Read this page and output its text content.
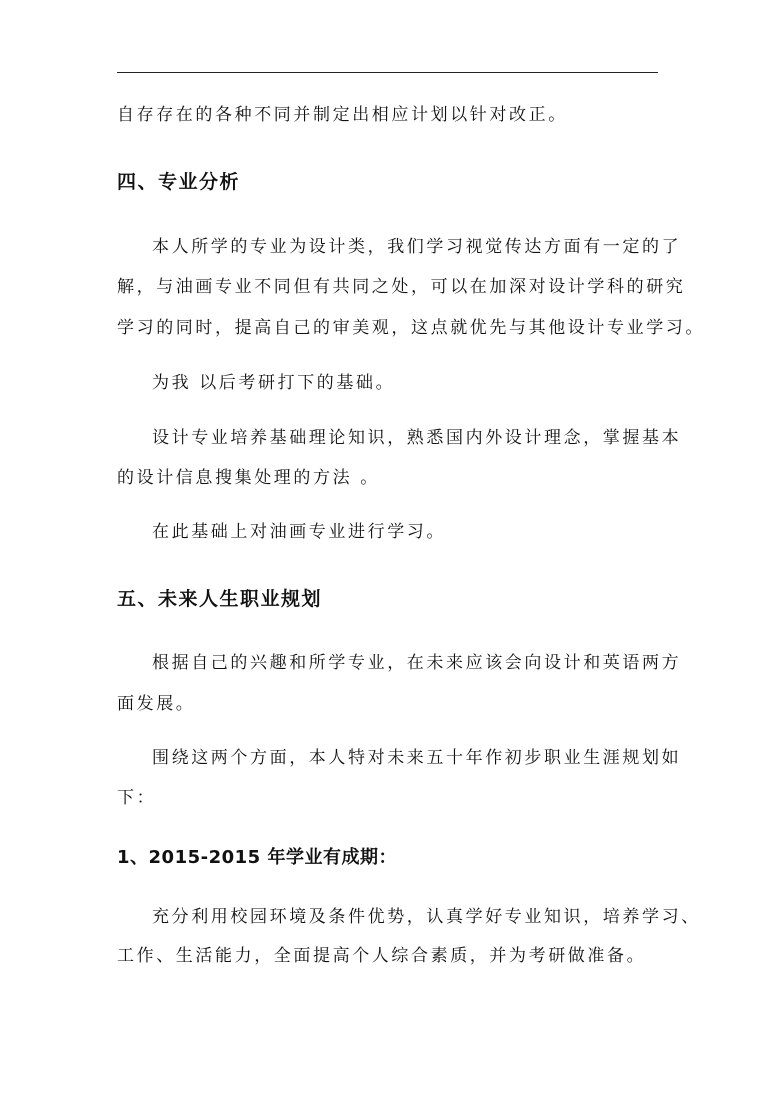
自存存在的各种不同并制定出相应计划以针对改正。
四、专业分析
本人所学的专业为设计类，我们学习视觉传达方面有一定的了
解，与油画专业不同但有共同之处，可以在加深对设计学科的研究
学习的同时，提高自己的审美观，这点就优先与其他设计专业学习。
为我 以后考研打下的基础。
设计专业培养基础理论知识，熟悉国内外设计理念，掌握基本
的设计信息搜集处理的方法 。
在此基础上对油画专业进行学习。
五、未来人生职业规划
根据自己的兴趣和所学专业，在未来应该会向设计和英语两方
面发展。
围绕这两个方面，本人特对未来五十年作初步职业生涯规划如
下：
1、2015-2015 年学业有成期：
充分利用校园环境及条件优势，认真学好专业知识，培养学习、
工作、生活能力，全面提高个人综合素质，并为考研做准备。
